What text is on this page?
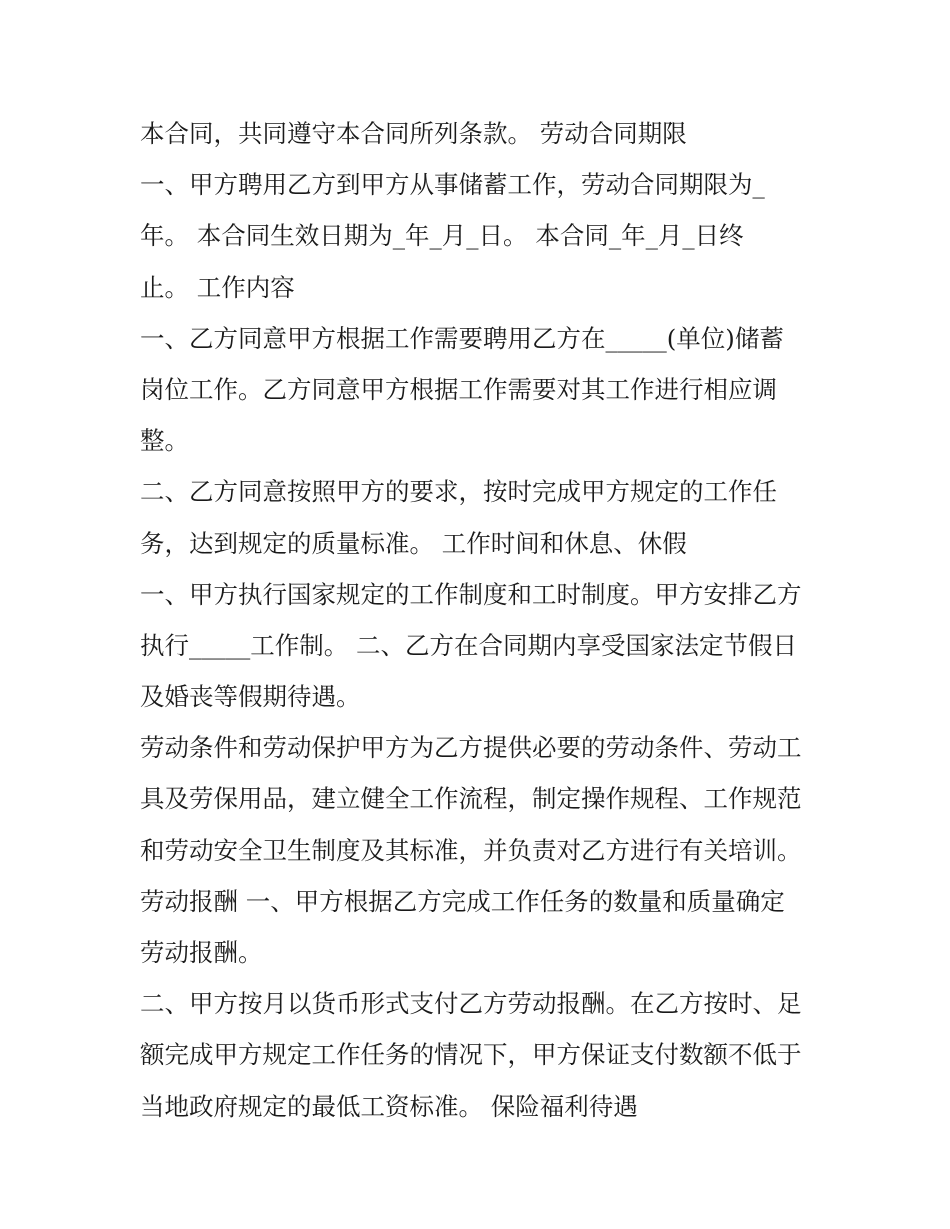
本合同，共同遵守本合同所列条款。 劳动合同期限

一、甲方聘用乙方到甲方从事储蓄工作，劳动合同期限为_

年。 本合同生效日期为_年_月_日。 本合同_年_月_日终

止。 工作内容

一、乙方同意甲方根据工作需要聘用乙方在_____(单位)储蓄

岗位工作。乙方同意甲方根据工作需要对其工作进行相应调

整。

二、乙方同意按照甲方的要求，按时完成甲方规定的工作任

务，达到规定的质量标准。 工作时间和休息、休假

一、甲方执行国家规定的工作制度和工时制度。甲方安排乙方

执行_____工作制。 二、乙方在合同期内享受国家法定节假日

及婚丧等假期待遇。

劳动条件和劳动保护甲方为乙方提供必要的劳动条件、劳动工

具及劳保用品，建立健全工作流程，制定操作规程、工作规范

和劳动安全卫生制度及其标准，并负责对乙方进行有关培训。

劳动报酬 一、甲方根据乙方完成工作任务的数量和质量确定

劳动报酬。

二、甲方按月以货币形式支付乙方劳动报酬。在乙方按时、足

额完成甲方规定工作任务的情况下，甲方保证支付数额不低于

当地政府规定的最低工资标准。 保险福利待遇
